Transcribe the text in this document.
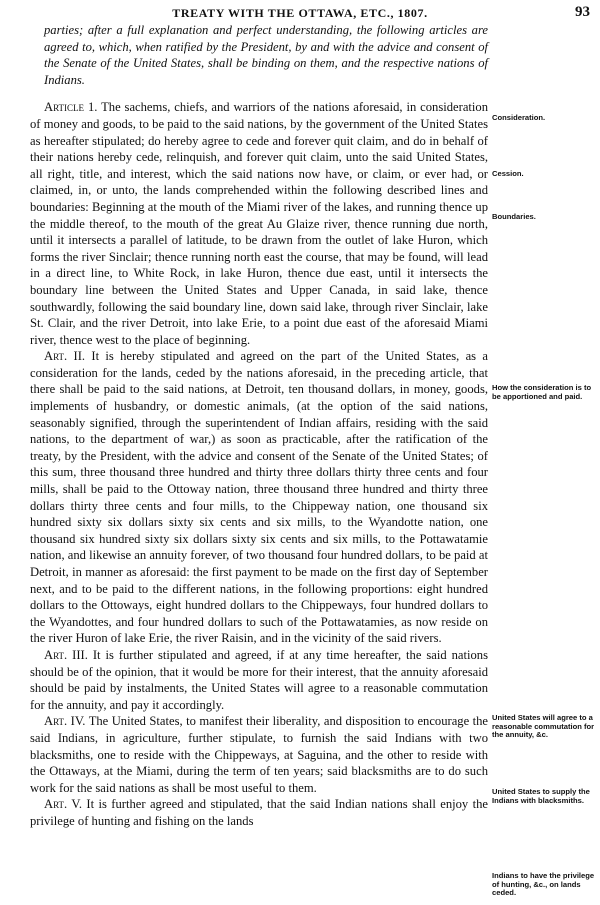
TREATY WITH THE OTTAWA, ETC., 1807.	93

parties; after a full explanation and perfect understanding, the following articles are agreed to, which, when ratified by the President, by and with the advice and consent of the Senate of the United States, shall be binding on them, and the respective nations of Indians.

Article 1. The sachems, chiefs, and warriors of the nations aforesaid, in consideration of money and goods, to be paid to the said nations, by the government of the United States as hereafter stipulated; do hereby agree to cede and forever quit claim, and do in behalf of their nations hereby cede, relinquish, and forever quit claim, unto the said United States, all right, title, and interest, which the said nations now have, or claim, or ever had, or claimed, in, or unto, the lands comprehended within the following described lines and boundaries: Beginning at the mouth of the Miami river of the lakes, and running thence up the middle thereof, to the mouth of the great Au Glaize river, thence running due north, until it intersects a parallel of latitude, to be drawn from the outlet of lake Huron, which forms the river Sinclair; thence running north east the course, that may be found, will lead in a direct line, to White Rock, in lake Huron, thence due east, until it intersects the boundary line between the United States and Upper Canada, in said lake, thence southwardly, following the said boundary line, down said lake, through river Sinclair, lake St. Clair, and the river Detroit, into lake Erie, to a point due east of the aforesaid Miami river, thence west to the place of beginning.

Art. II. It is hereby stipulated and agreed on the part of the United States, as a consideration for the lands, ceded by the nations aforesaid, in the preceding article, that there shall be paid to the said nations, at Detroit, ten thousand dollars, in money, goods, implements of husbandry, or domestic animals, (at the option of the said nations, seasonably signified, through the superintendent of Indian affairs, residing with the said nations, to the department of war,) as soon as practicable, after the ratification of the treaty, by the President, with the advice and consent of the Senate of the United States; of this sum, three thousand three hundred and thirty three dollars thirty three cents and four mills, shall be paid to the Ottoway nation, three thousand three hundred and thirty three dollars thirty three cents and four mills, to the Chippeway nation, one thousand six hundred sixty six dollars sixty six cents and six mills, to the Wyandotte nation, one thousand six hundred sixty six dollars sixty six cents and six mills, to the Pottawatamie nation, and likewise an annuity forever, of two thousand four hundred dollars, to be paid at Detroit, in manner as aforesaid: the first payment to be made on the first day of September next, and to be paid to the different nations, in the following proportions: eight hundred dollars to the Ottoways, eight hundred dollars to the Chippeways, four hundred dollars to the Wyandottes, and four hundred dollars to such of the Pottawatamies, as now reside on the river Huron of lake Erie, the river Raisin, and in the vicinity of the said rivers.

Art. III. It is further stipulated and agreed, if at any time hereafter, the said nations should be of the opinion, that it would be more for their interest, that the annuity aforesaid should be paid by instalments, the United States will agree to a reasonable commutation for the annuity, and pay it accordingly.

Art. IV. The United States, to manifest their liberality, and disposition to encourage the said Indians, in agriculture, further stipulate, to furnish the said Indians with two blacksmiths, one to reside with the Chippeways, at Saguina, and the other to reside with the Ottaways, at the Miami, during the term of ten years; said blacksmiths are to do such work for the said nations as shall be most useful to them.

Art. V. It is further agreed and stipulated, that the said Indian nations shall enjoy the privilege of hunting and fishing on the lands

Consideration.
Cession.
Boundaries.
How the consideration is to be apportioned and paid.
United States will agree to a reasonable commutation for the annuity, &c.
United States to supply the Indians with blacksmiths.
Indians to have the privilege of hunting, &c., on lands ceded.
